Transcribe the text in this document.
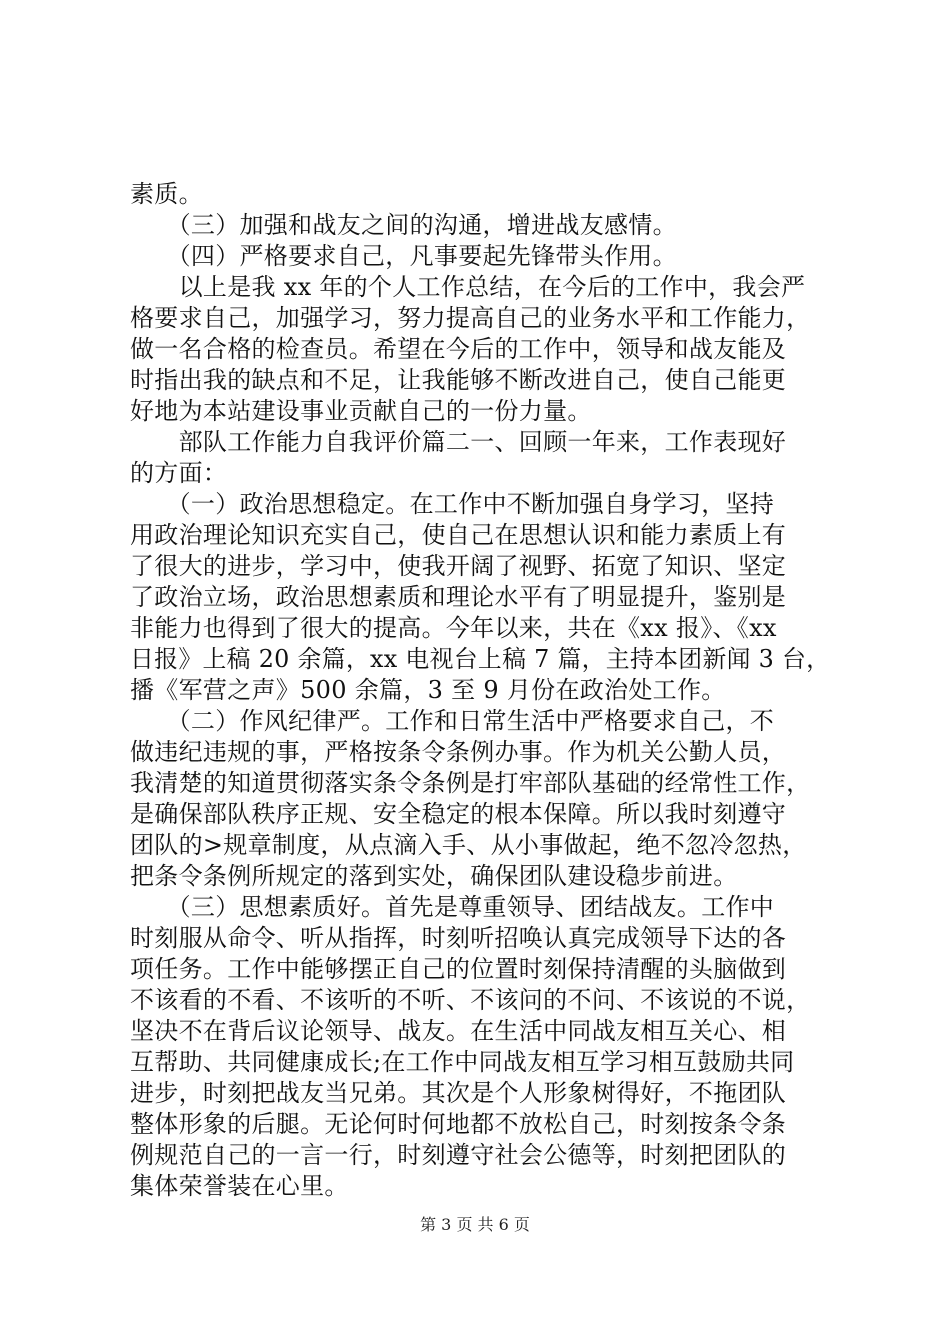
素质。
　　（三）加强和战友之间的沟通，增进战友感情。
　　（四）严格要求自己，凡事要起先锋带头作用。
　　以上是我 xx 年的个人工作总结，在今后的工作中，我会严
格要求自己，加强学习，努力提高自己的业务水平和工作能力，
做一名合格的检查员。希望在今后的工作中，领导和战友能及
时指出我的缺点和不足，让我能够不断改进自己，使自己能更
好地为本站建设事业贡献自己的一份力量。
　　部队工作能力自我评价篇二一、回顾一年来，工作表现好
的方面：
　　（一）政治思想稳定。在工作中不断加强自身学习，坚持
用政治理论知识充实自己，使自己在思想认识和能力素质上有
了很大的进步，学习中，使我开阔了视野、拓宽了知识、坚定
了政治立场，政治思想素质和理论水平有了明显提升，鉴别是
非能力也得到了很大的提高。今年以来，共在《xx 报》、《xx
日报》上稿 20 余篇，xx 电视台上稿 7 篇，主持本团新闻 3 台，
播《军营之声》500 余篇，3 至 9 月份在政治处工作。
　　（二）作风纪律严。工作和日常生活中严格要求自己，不
做违纪违规的事，严格按条令条例办事。作为机关公勤人员，
我清楚的知道贯彻落实条令条例是打牢部队基础的经常性工作，
是确保部队秩序正规、安全稳定的根本保障。所以我时刻遵守
团队的>规章制度，从点滴入手、从小事做起，绝不忽冷忽热，
把条令条例所规定的落到实处，确保团队建设稳步前进。
　　（三）思想素质好。首先是尊重领导、团结战友。工作中
时刻服从命令、听从指挥，时刻听招唤认真完成领导下达的各
项任务。工作中能够摆正自己的位置时刻保持清醒的头脑做到
不该看的不看、不该听的不听、不该问的不问、不该说的不说，
坚决不在背后议论领导、战友。在生活中同战友相互关心、相
互帮助、共同健康成长;在工作中同战友相互学习相互鼓励共同
进步，时刻把战友当兄弟。其次是个人形象树得好，不拖团队
整体形象的后腿。无论何时何地都不放松自己，时刻按条令条
例规范自己的一言一行，时刻遵守社会公德等，时刻把团队的
集体荣誉装在心里。
第 3 页 共 6 页
